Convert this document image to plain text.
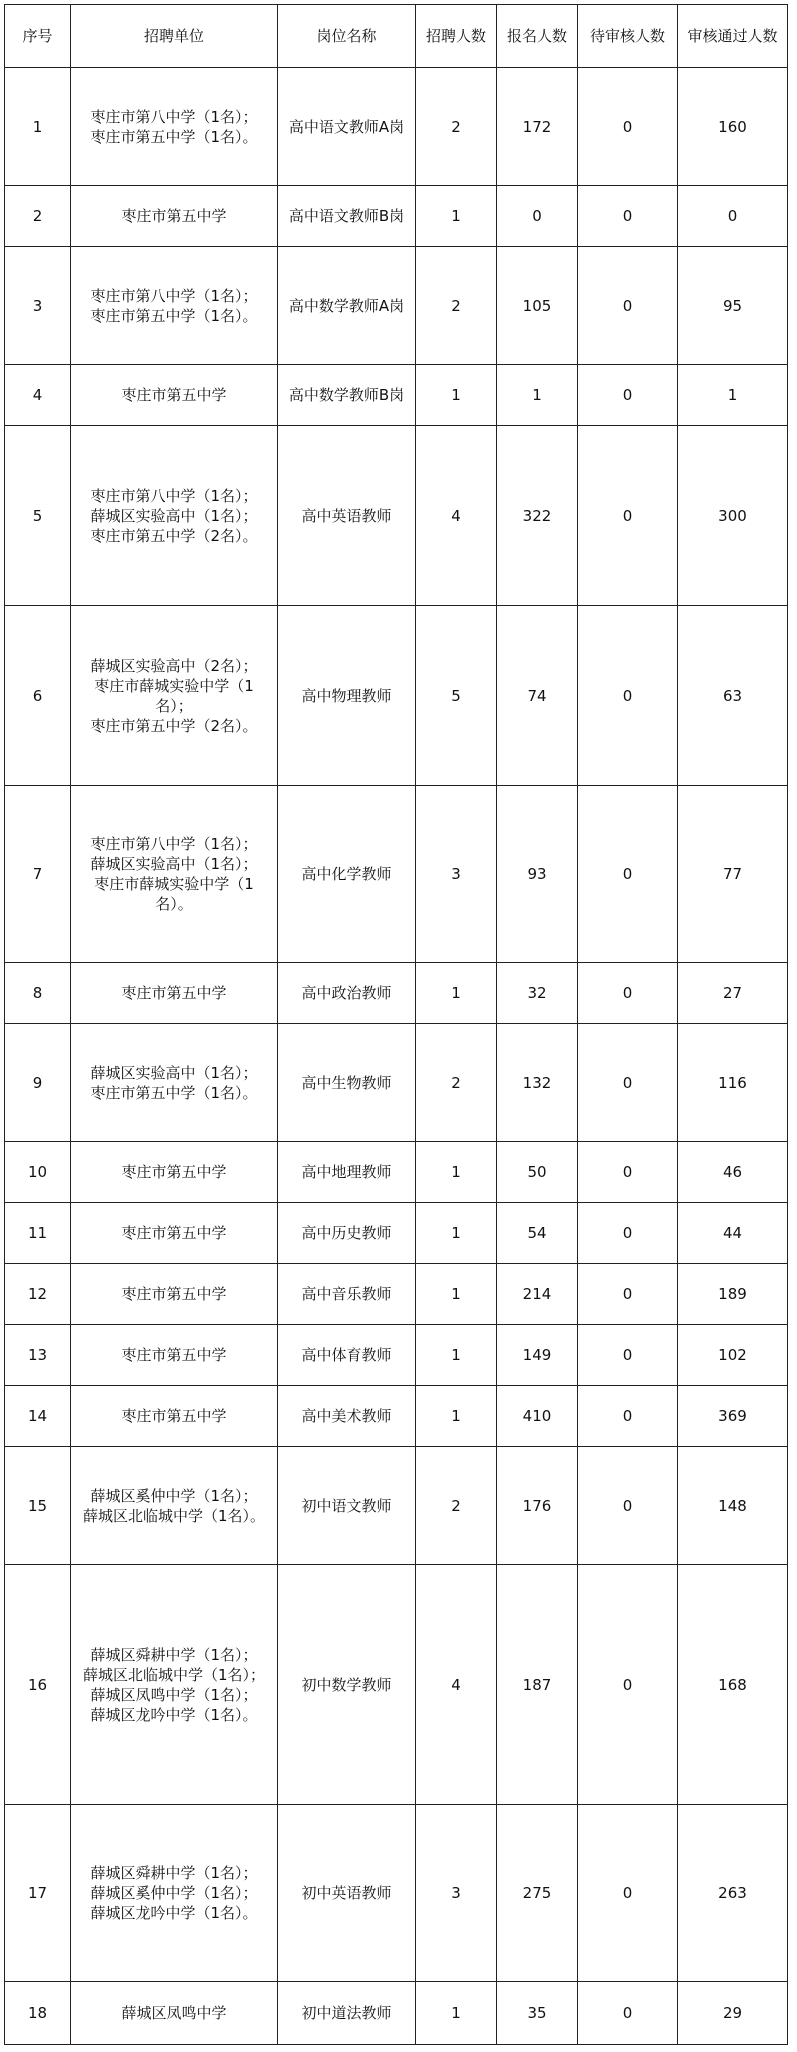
序号	招聘单位	岗位名称	招聘人数	报名人数	待审核人数	审核通过人数
1	枣庄市第八中学（1名）；
枣庄市第五中学（1名）。	高中语文教师A岗	2	172	0	160
2	枣庄市第五中学	高中语文教师B岗	1	0	0	0
3	枣庄市第八中学（1名）；
枣庄市第五中学（1名）。	高中数学教师A岗	2	105	0	95
4	枣庄市第五中学	高中数学教师B岗	1	1	0	1
5	枣庄市第八中学（1名）；
薛城区实验高中（1名）；
枣庄市第五中学（2名）。	高中英语教师	4	322	0	300
6	薛城区实验高中（2名）；
枣庄市薛城实验中学（1
名）；
枣庄市第五中学（2名）。	高中物理教师	5	74	0	63
7	枣庄市第八中学（1名）；
薛城区实验高中（1名）；
枣庄市薛城实验中学（1
名）。	高中化学教师	3	93	0	77
8	枣庄市第五中学	高中政治教师	1	32	0	27
9	薛城区实验高中（1名）；
枣庄市第五中学（1名）。	高中生物教师	2	132	0	116
10	枣庄市第五中学	高中地理教师	1	50	0	46
11	枣庄市第五中学	高中历史教师	1	54	0	44
12	枣庄市第五中学	高中音乐教师	1	214	0	189
13	枣庄市第五中学	高中体育教师	1	149	0	102
14	枣庄市第五中学	高中美术教师	1	410	0	369
15	薛城区奚仲中学（1名）；
薛城区北临城中学（1名）。	初中语文教师	2	176	0	148
16	薛城区舜耕中学（1名）；
薛城区北临城中学（1名）；
薛城区凤鸣中学（1名）；
薛城区龙吟中学（1名）。	初中数学教师	4	187	0	168
17	薛城区舜耕中学（1名）；
薛城区奚仲中学（1名）；
薛城区龙吟中学（1名）。	初中英语教师	3	275	0	263
18	薛城区凤鸣中学	初中道法教师	1	35	0	29
